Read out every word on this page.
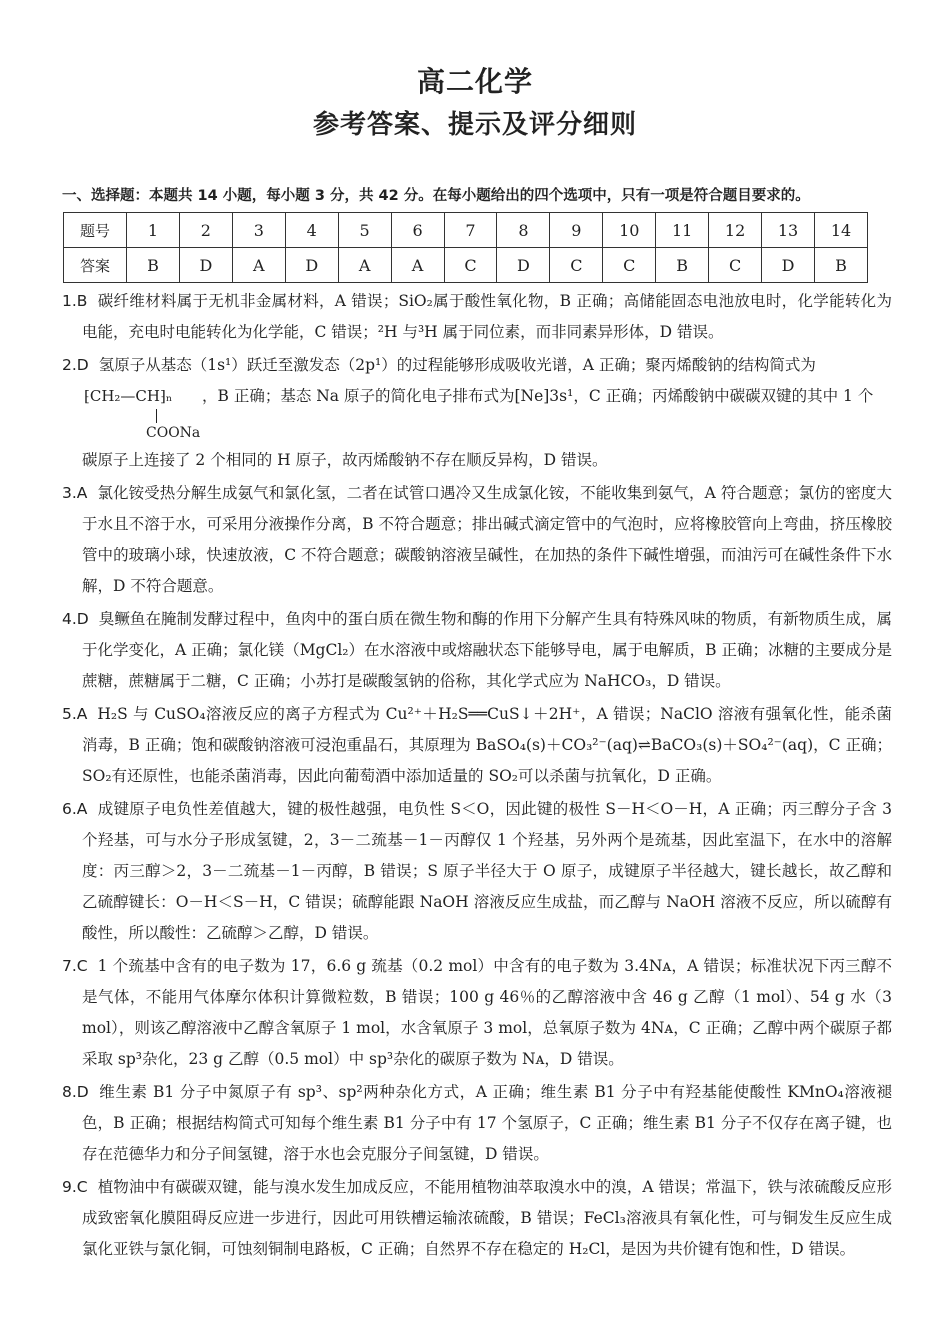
高二化学
参考答案、提示及评分细则
一、选择题：本题共 14 小题，每小题 3 分，共 42 分。在每小题给出的四个选项中，只有一项是符合题目要求的。
题号	1	2	3	4	5	6	7	8	9	10	11	12	13	14
答案	B	D	A	D	A	A	C	D	C	C	B	C	D	B
1.B 碳纤维材料属于无机非金属材料，A 错误；SiO₂属于酸性氧化物，B 正确；高储能固态电池放电时，化学能转化为电能，充电时电能转化为化学能，C 错误；²H 与³H 属于同位素，而非同素异形体，D 错误。
2.D 氢原子从基态（1s¹）跃迁至激发态（2p¹）的过程能够形成吸收光谱，A 正确；聚丙烯酸钠的结构简式为
⁅CH₂—CH⁆ₙ
COONa
，B 正确；基态 Na 原子的简化电子排布式为[Ne]3s¹，C 正确；丙烯酸钠中碳碳双键的其中 1 个
碳原子上连接了 2 个相同的 H 原子，故丙烯酸钠不存在顺反异构，D 错误。
3.A 氯化铵受热分解生成氨气和氯化氢，二者在试管口遇冷又生成氯化铵，不能收集到氨气，A 符合题意；氯仿的密度大于水且不溶于水，可采用分液操作分离，B 不符合题意；排出碱式滴定管中的气泡时，应将橡胶管向上弯曲，挤压橡胶管中的玻璃小球，快速放液，C 不符合题意；碳酸钠溶液呈碱性，在加热的条件下碱性增强，而油污可在碱性条件下水解，D 不符合题意。
4.D 臭鳜鱼在腌制发酵过程中，鱼肉中的蛋白质在微生物和酶的作用下分解产生具有特殊风味的物质，有新物质生成，属于化学变化，A 正确；氯化镁（MgCl₂）在水溶液中或熔融状态下能够导电，属于电解质，B 正确；冰糖的主要成分是蔗糖，蔗糖属于二糖，C 正确；小苏打是碳酸氢钠的俗称，其化学式应为 NaHCO₃，D 错误。
5.A H₂S 与 CuSO₄溶液反应的离子方程式为 Cu²⁺＋H₂S══CuS↓＋2H⁺，A 错误；NaClO 溶液有强氧化性，能杀菌消毒，B 正确；饱和碳酸钠溶液可浸泡重晶石，其原理为 BaSO₄(s)＋CO₃²⁻(aq)⇌BaCO₃(s)＋SO₄²⁻(aq)，C 正确；SO₂有还原性，也能杀菌消毒，因此向葡萄酒中添加适量的 SO₂可以杀菌与抗氧化，D 正确。
6.A 成键原子电负性差值越大，键的极性越强，电负性 S＜O，因此键的极性 S－H＜O－H，A 正确；丙三醇分子含 3 个羟基，可与水分子形成氢键，2，3－二巯基－1－丙醇仅 1 个羟基，另外两个是巯基，因此室温下，在水中的溶解度：丙三醇＞2，3－二巯基－1－丙醇，B 错误；S 原子半径大于 O 原子，成键原子半径越大，键长越长，故乙醇和乙硫醇键长：O－H＜S－H，C 错误；硫醇能跟 NaOH 溶液反应生成盐，而乙醇与 NaOH 溶液不反应，所以硫醇有酸性，所以酸性：乙硫醇＞乙醇，D 错误。
7.C 1 个巯基中含有的电子数为 17，6.6 g 巯基（0.2 mol）中含有的电子数为 3.4Nᴀ，A 错误；标准状况下丙三醇不是气体，不能用气体摩尔体积计算微粒数，B 错误；100 g 46％的乙醇溶液中含 46 g 乙醇（1 mol）、54 g 水（3 mol），则该乙醇溶液中乙醇含氧原子 1 mol，水含氧原子 3 mol，总氧原子数为 4Nᴀ，C 正确；乙醇中两个碳原子都采取 sp³杂化，23 g 乙醇（0.5 mol）中 sp³杂化的碳原子数为 Nᴀ，D 错误。
8.D 维生素 B1 分子中氮原子有 sp³、sp²两种杂化方式，A 正确；维生素 B1 分子中有羟基能使酸性 KMnO₄溶液褪色，B 正确；根据结构简式可知每个维生素 B1 分子中有 17 个氢原子，C 正确；维生素 B1 分子不仅存在离子键，也存在范德华力和分子间氢键，溶于水也会克服分子间氢键，D 错误。
9.C 植物油中有碳碳双键，能与溴水发生加成反应，不能用植物油萃取溴水中的溴，A 错误；常温下，铁与浓硫酸反应形成致密氧化膜阻碍反应进一步进行，因此可用铁槽运输浓硫酸，B 错误；FeCl₃溶液具有氧化性，可与铜发生反应生成氯化亚铁与氯化铜，可蚀刻铜制电路板，C 正确；自然界不存在稳定的 H₂Cl，是因为共价键有饱和性，D 错误。
